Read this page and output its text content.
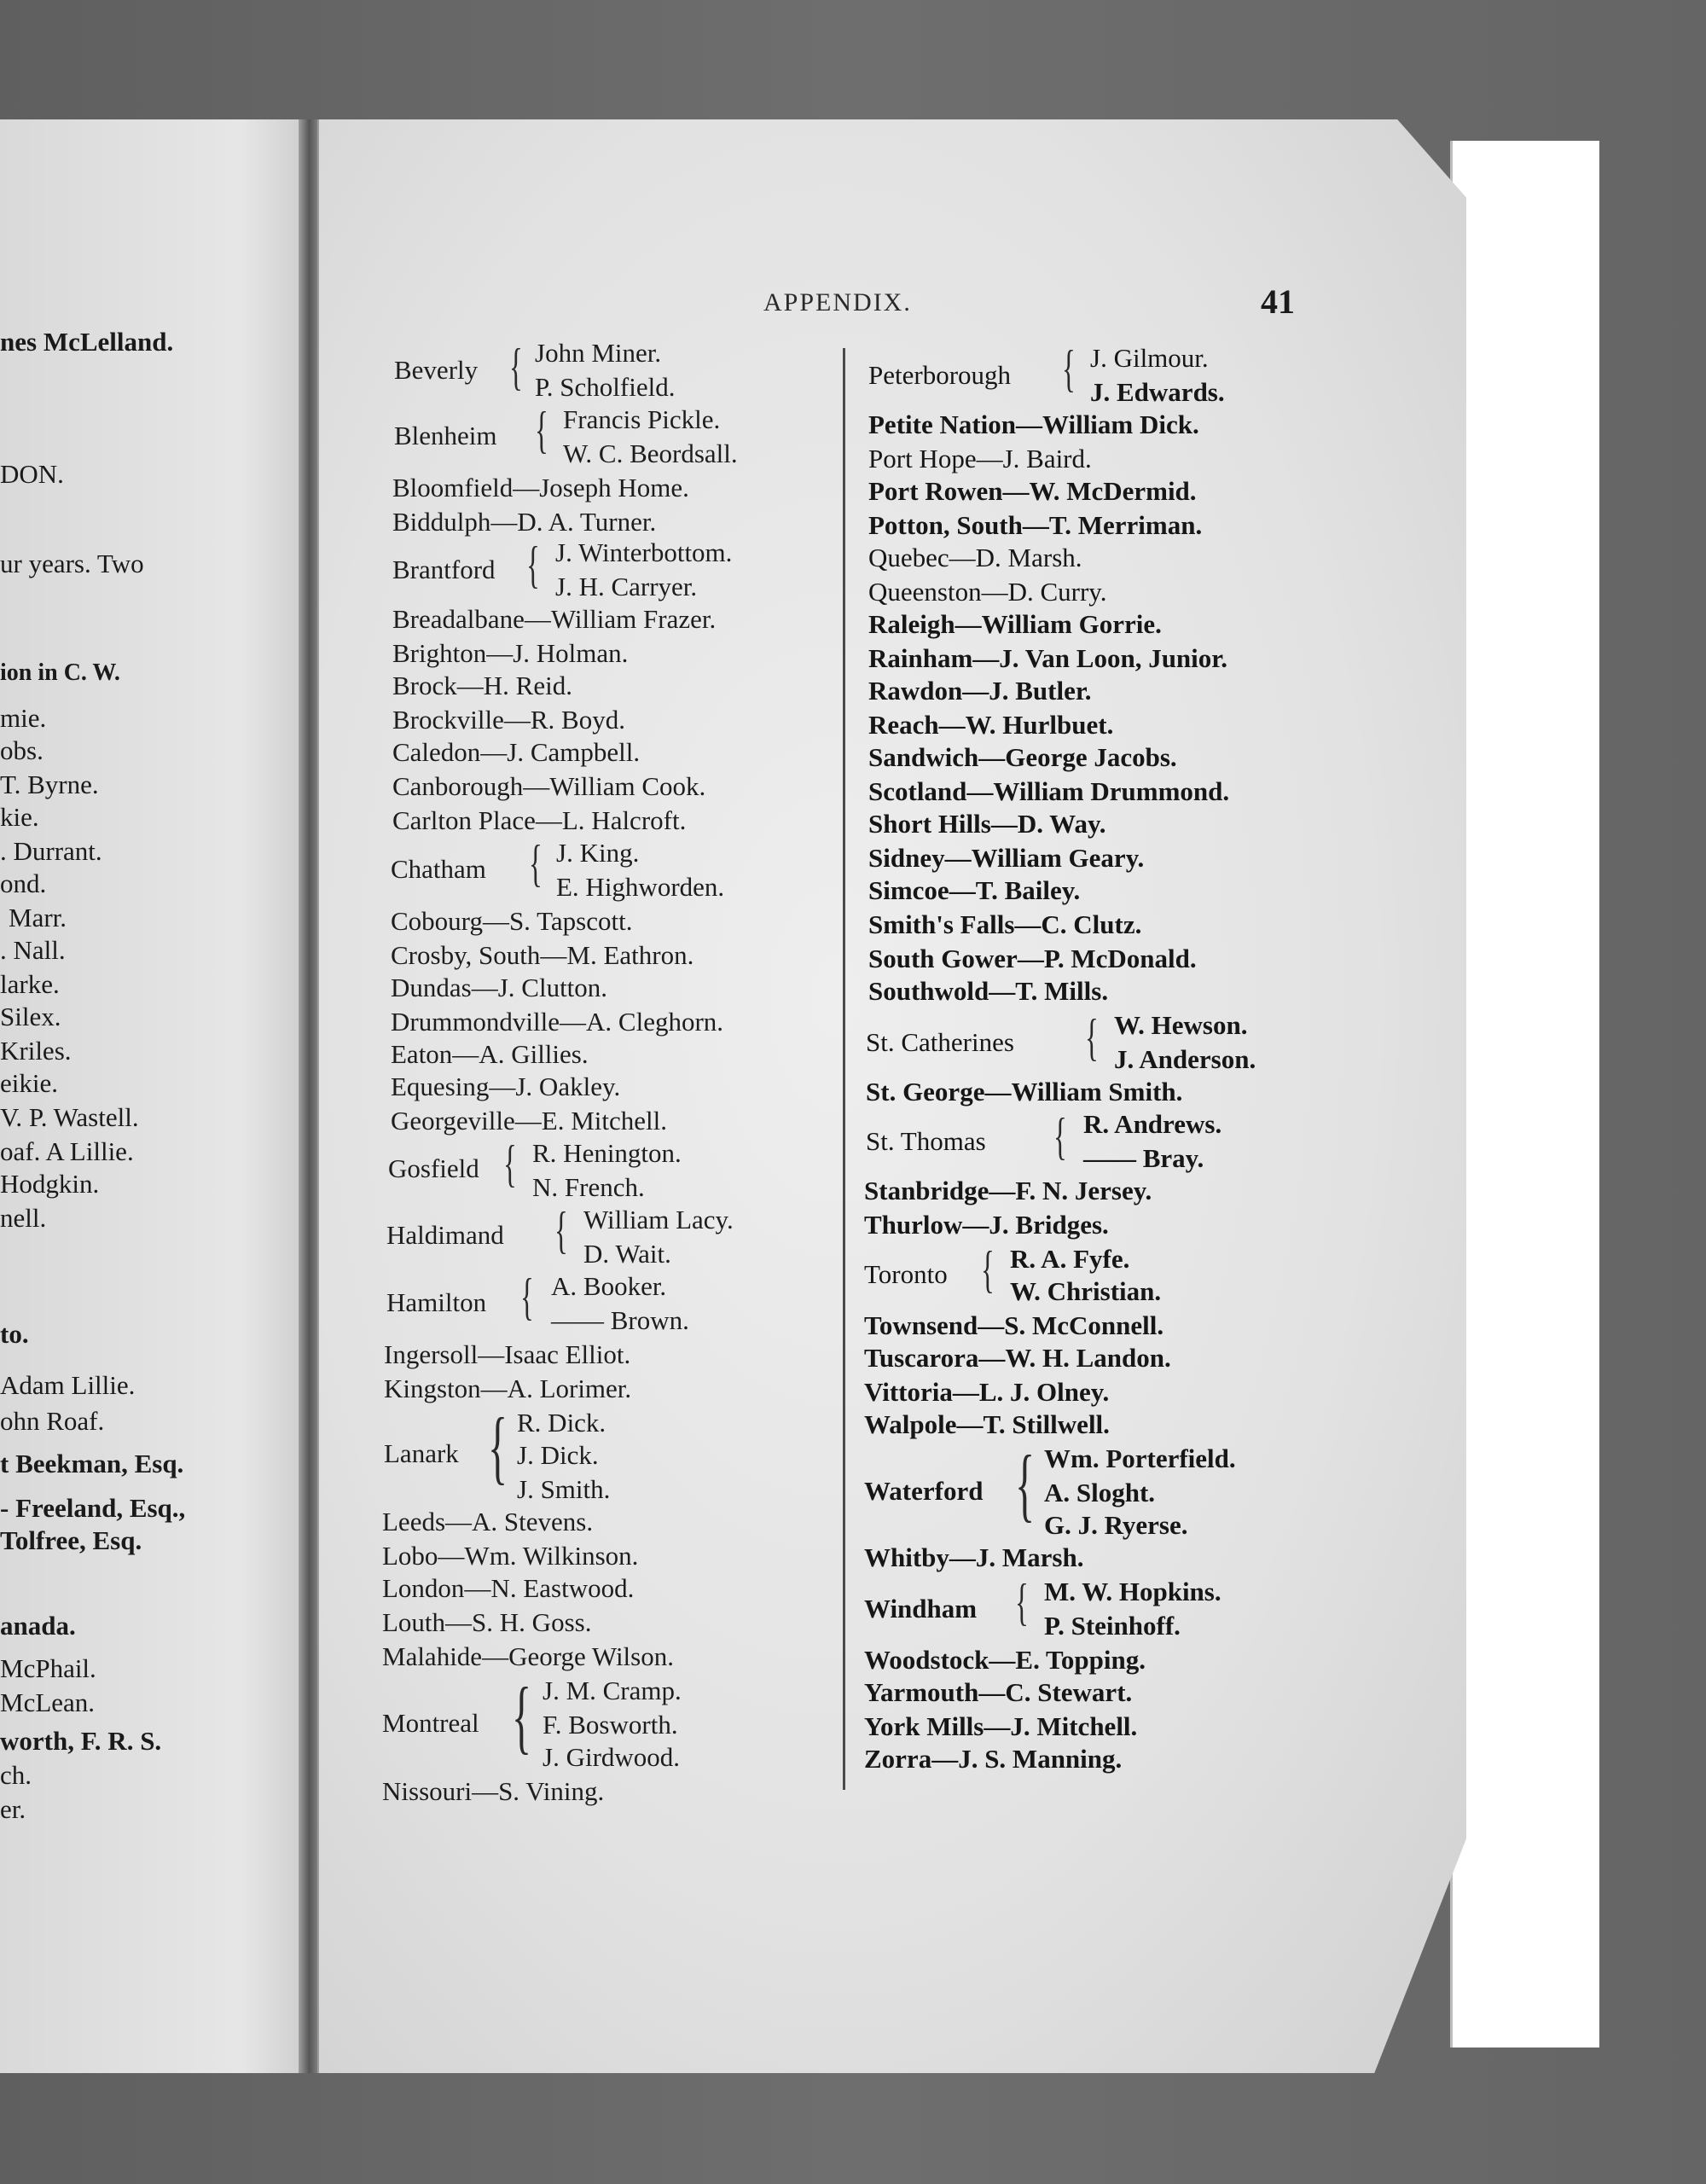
nes McLelland.
DON.
ur years. Two
ion in C. W.
mie.
obs.
T. Byrne.
kie.
. Durrant.
ond.
Marr.
. Nall.
larke.
Silex.
Kriles.
eikie.
V. P. Wastell.
oaf. A Lillie.
Hodgkin.
nell.
to.
Adam Lillie.
ohn Roaf.
t Beekman, Esq.
- Freeland, Esq.,
Tolfree, Esq.
anada.
McPhail.
McLean.
worth, F. R. S.
ch.
er.
APPENDIX.	41
Beverly { John Miner.
P. Scholfield.
Blenheim { Francis Pickle.
W. C. Beordsall.
Bloomfield—Joseph Home.
Biddulph—D. A. Turner.
Brantford { J. Winterbottom.
J. H. Carryer.
Breadalbane—William Frazer.
Brighton—J. Holman.
Brock—H. Reid.
Brockville—R. Boyd.
Caledon—J. Campbell.
Canborough—William Cook.
Carlton Place—L. Halcroft.
Chatham { J. King.
E. Highworden.
Cobourg—S. Tapscott.
Crosby, South—M. Eathron.
Dundas—J. Clutton.
Drummondville—A. Cleghorn.
Eaton—A. Gillies.
Equesing—J. Oakley.
Georgeville—E. Mitchell.
Gosfield { R. Henington.
N. French.
Haldimand { William Lacy.
D. Wait.
Hamilton { A. Booker.
—— Brown.
Ingersoll—Isaac Elliot.
Kingston—A. Lorimer.
Lanark { R. Dick.
J. Dick.
J. Smith.
Leeds—A. Stevens.
Lobo—Wm. Wilkinson.
London—N. Eastwood.
Louth—S. H. Goss.
Malahide—George Wilson.
Montreal { J. M. Cramp.
F. Bosworth.
J. Girdwood.
Nissouri—S. Vining.
Peterborough { J. Gilmour.
J. Edwards.
Petite Nation—William Dick.
Port Hope—J. Baird.
Port Rowen—W. McDermid.
Potton, South—T. Merriman.
Quebec—D. Marsh.
Queenston—D. Curry.
Raleigh—William Gorrie.
Rainham—J. Van Loon, Junior.
Rawdon—J. Butler.
Reach—W. Hurlbuet.
Sandwich—George Jacobs.
Scotland—William Drummond.
Short Hills—D. Way.
Sidney—William Geary.
Simcoe—T. Bailey.
Smith's Falls—C. Clutz.
South Gower—P. McDonald.
Southwold—T. Mills.
St. Catherines { W. Hewson.
J. Anderson.
St. George—William Smith.
St. Thomas { R. Andrews.
—— Bray.
Stanbridge—F. N. Jersey.
Thurlow—J. Bridges.
Toronto { R. A. Fyfe.
W. Christian.
Townsend—S. McConnell.
Tuscarora—W. H. Landon.
Vittoria—L. J. Olney.
Walpole—T. Stillwell.
Waterford { Wm. Porterfield.
A. Sloght.
G. J. Ryerse.
Whitby—J. Marsh.
Windham { M. W. Hopkins.
P. Steinhoff.
Woodstock—E. Topping.
Yarmouth—C. Stewart.
York Mills—J. Mitchell.
Zorra—J. S. Manning.
